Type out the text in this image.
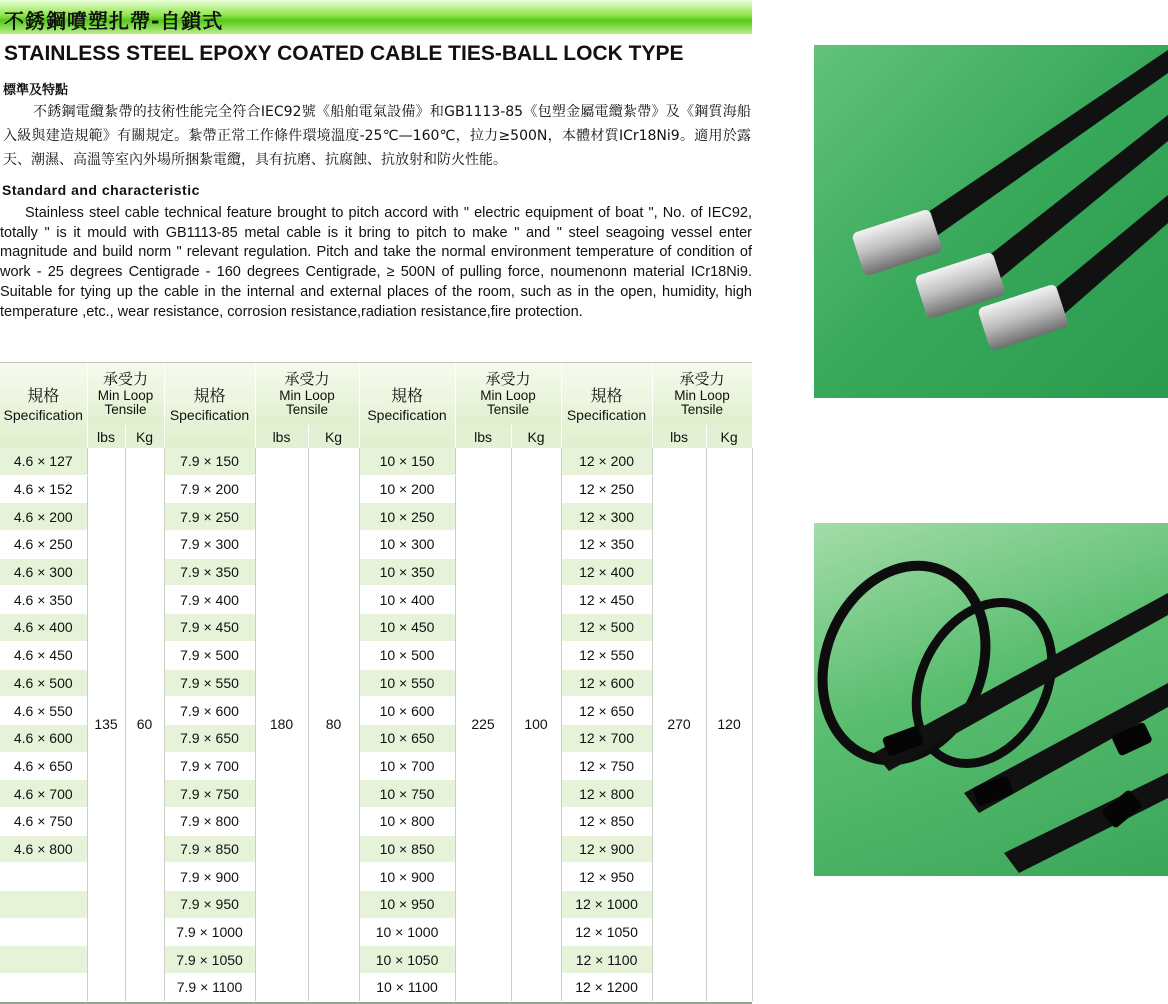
不銹鋼噴塑扎帶-自鎖式
STAINLESS STEEL EPOXY COATED CABLE TIES-BALL LOCK TYPE
標準及特點
不銹鋼電纜紮帶的技術性能完全符合IEC92號《船舶電氣設備》和GB1113-85《包塑金屬電纜紮帶》及《鋼質海船入級與建造規範》有關規定。紮帶正常工作條件環境溫度-25℃—160℃，拉力≥500N，本體材質ICr18Ni9。適用於露天、潮濕、高溫等室內外場所捆紮電纜，具有抗磨、抗腐蝕、抗放射和防火性能。
Standard and characteristic
Stainless steel cable technical feature brought to pitch accord with " electric equipment of boat ", No. of IEC92, totally " is it mould with GB1113-85 metal cable is it bring to pitch to make " and " steel seagoing vessel enter magnitude and build norm " relevant regulation. Pitch and take the normal environment temperature of condition of work - 25 degrees Centigrade - 160 degrees Centigrade, ≥ 500N of pulling force, noumenonn material ICr18Ni9. Suitable for tying up the cable in the internal and external places of the room, such as in the open, humidity, high temperature ,etc., wear resistance, corrosion resistance,radiation resistance,fire protection.
規格
Specification	承受力
Min Loop
Tensile		規格
Specification	承受力
Min Loop
Tensile		規格
Specification	承受力
Min Loop
Tensile		規格
Specification	承受力
Min Loop
Tensile	

	lbs	Kg		lbs	Kg		lbs	Kg		lbs	Kg
4.6 × 127	135	60	7.9 × 150	180	80	10 × 150	225	100	12 × 200	270	120
4.6 × 152			7.9 × 200			10 × 200			12 × 250		
4.6 × 200			7.9 × 250			10 × 250			12 × 300		
4.6 × 250			7.9 × 300			10 × 300			12 × 350		
4.6 × 300			7.9 × 350			10 × 350			12 × 400		
4.6 × 350			7.9 × 400			10 × 400			12 × 450		
4.6 × 400			7.9 × 450			10 × 450			12 × 500		
4.6 × 450			7.9 × 500			10 × 500			12 × 550		
4.6 × 500			7.9 × 550			10 × 550			12 × 600		
4.6 × 550			7.9 × 600			10 × 600			12 × 650		
4.6 × 600			7.9 × 650			10 × 650			12 × 700		
4.6 × 650			7.9 × 700			10 × 700			12 × 750		
4.6 × 700			7.9 × 750			10 × 750			12 × 800		
4.6 × 750			7.9 × 800			10 × 800			12 × 850		
4.6 × 800			7.9 × 850			10 × 850			12 × 900		
			7.9 × 900			10 × 900			12 × 950		
			7.9 × 950			10 × 950			12 × 1000		
			7.9 × 1000			10 × 1000			12 × 1050		
			7.9 × 1050			10 × 1050			12 × 1100		
			7.9 × 1100			10 × 1100			12 × 1200		
